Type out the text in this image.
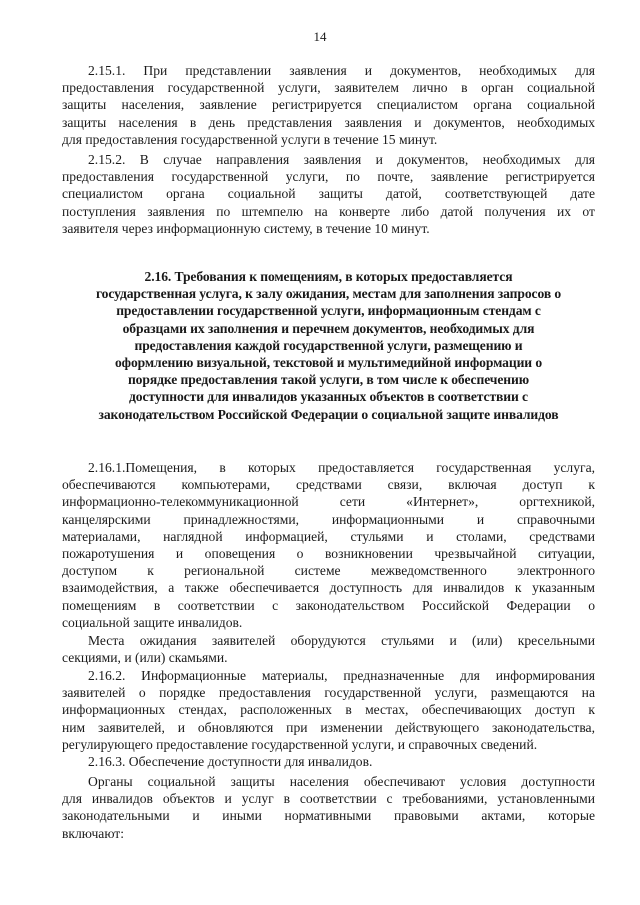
14
2.15.1. При представлении заявления и документов, необходимых для
предоставления государственной услуги, заявителем лично в орган социальной
защиты населения, заявление регистрируется специалистом органа социальной
защиты населения в день представления заявления и документов, необходимых
для предоставления государственной услуги в течение 15 минут.
2.15.2. В случае направления заявления и документов, необходимых для
предоставления государственной услуги, по почте, заявление регистрируется
специалистом органа социальной защиты датой, соответствующей дате
поступления заявления по штемпелю на конверте либо датой получения их от
заявителя через информационную систему, в течение 10 минут.
2.16. Требования к помещениям, в которых предоставляется
государственная услуга, к залу ожидания, местам для заполнения запросов о
предоставлении государственной услуги, информационным стендам с
образцами их заполнения и перечнем документов, необходимых для
предоставления каждой государственной услуги, размещению и
оформлению визуальной, текстовой и мультимедийной информации о
порядке предоставления такой услуги, в том числе к обеспечению
доступности для инвалидов указанных объектов в соответствии с
законодательством Российской Федерации о социальной защите инвалидов
2.16.1.Помещения, в которых предоставляется государственная услуга,
обеспечиваются компьютерами, средствами связи, включая доступ к
информационно-телекоммуникационной сети «Интернет», оргтехникой,
канцелярскими принадлежностями, информационными и справочными
материалами, наглядной информацией, стульями и столами, средствами
пожаротушения и оповещения о возникновении чрезвычайной ситуации,
доступом к региональной системе межведомственного электронного
взаимодействия, а также обеспечивается доступность для инвалидов к указанным
помещениям в соответствии с законодательством Российской Федерации о
социальной защите инвалидов.
Места ожидания заявителей оборудуются стульями и (или) кресельными
секциями, и (или) скамьями.
2.16.2. Информационные материалы, предназначенные для информирования
заявителей о порядке предоставления государственной услуги, размещаются на
информационных стендах, расположенных в местах, обеспечивающих доступ к
ним заявителей, и обновляются при изменении действующего законодательства,
регулирующего предоставление государственной услуги, и справочных сведений.
2.16.3. Обеспечение доступности для инвалидов.
Органы социальной защиты населения обеспечивают условия доступности
для инвалидов объектов и услуг в соответствии с требованиями, установленными
законодательными и иными нормативными правовыми актами, которые
включают:
